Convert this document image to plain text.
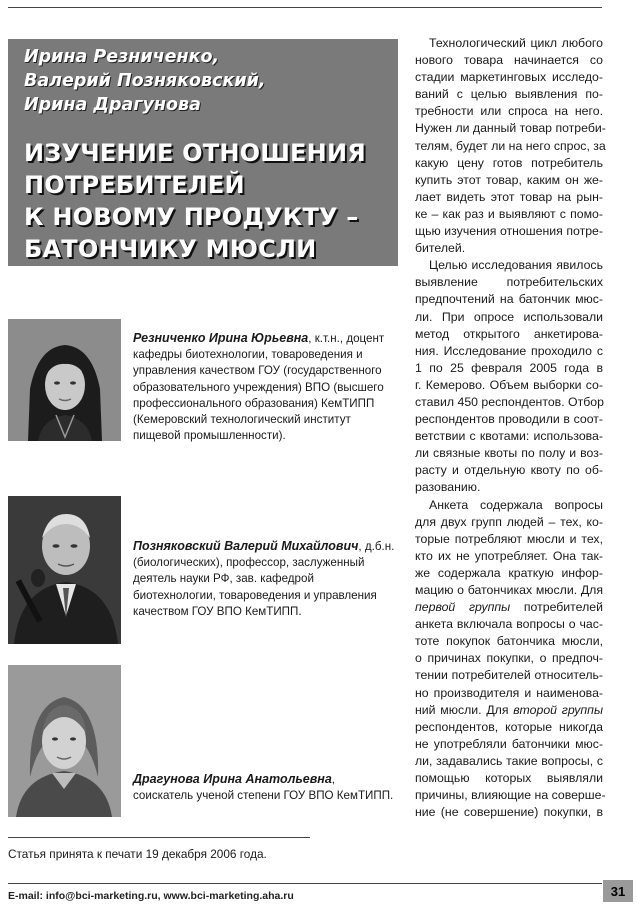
Ирина Резниченко,
Валерий Позняковский,
Ирина Драгунова
ИЗУЧЕНИЕ ОТНОШЕНИЯ
ПОТРЕБИТЕЛЕЙ
К НОВОМУ ПРОДУКТУ –
БАТОНЧИКУ МЮСЛИ
Резниченко Ирина Юрьевна, к.т.н., доцент кафедры биотехнологии, товароведения и управления качеством ГОУ (государственного образовательного учреждения) ВПО (высшего профессионального образования) КемТИПП (Кемеровский технологический институт пищевой промышленности).
Позняковский Валерий Михайлович, д.б.н. (биологических), профессор, заслуженный деятель науки РФ, зав. кафедрой биотехнологии, товароведения и управления качеством ГОУ ВПО КемТИПП.
Драгунова Ирина Анатольевна, соискатель ученой степени ГОУ ВПО КемТИПП.
Статья принята к печати 19 декабря 2006 года.
Технологический цикл любого
нового товара начинается со
стадии маркетинговых исследо-
ваний с целью выявления по-
требности или спроса на него.
Нужен ли данный товар потреби-
телям, будет ли на него спрос, за
какую цену готов потребитель
купить этот товар, каким он же-
лает видеть этот товар на рын-
ке – как раз и выявляют с помо-
щью изучения отношения потре-
бителей.
Целью исследования явилось
выявление потребительских
предпочтений на батончик мюс-
ли. При опросе использовали
метод открытого анкетирова-
ния. Исследование проходило с
1 по 25 февраля 2005 года в
г. Кемерово. Объем выборки со-
ставил 450 респондентов. Отбор
респондентов проводили в соот-
ветствии с квотами: использова-
ли связные квоты по полу и воз-
расту и отдельную квоту по об-
разованию.
Анкета содержала вопросы
для двух групп людей – тех, ко-
торые потребляют мюсли и тех,
кто их не употребляет. Она так-
же содержала краткую инфор-
мацию о батончиках мюсли. Для
первой группы потребителей
анкета включала вопросы о час-
тоте покупок батончика мюсли,
о причинах покупки, о предпоч-
тении потребителей относитель-
но производителя и наименова-
ний мюсли. Для второй группы
респондентов, которые никогда
не употребляли батончики мюс-
ли, задавались такие вопросы, с
помощью которых выявляли
причины, влияющие на соверше-
ние (не совершение) покупки, в
E-mail: info@bci-marketing.ru, www.bci-marketing.aha.ru	31
